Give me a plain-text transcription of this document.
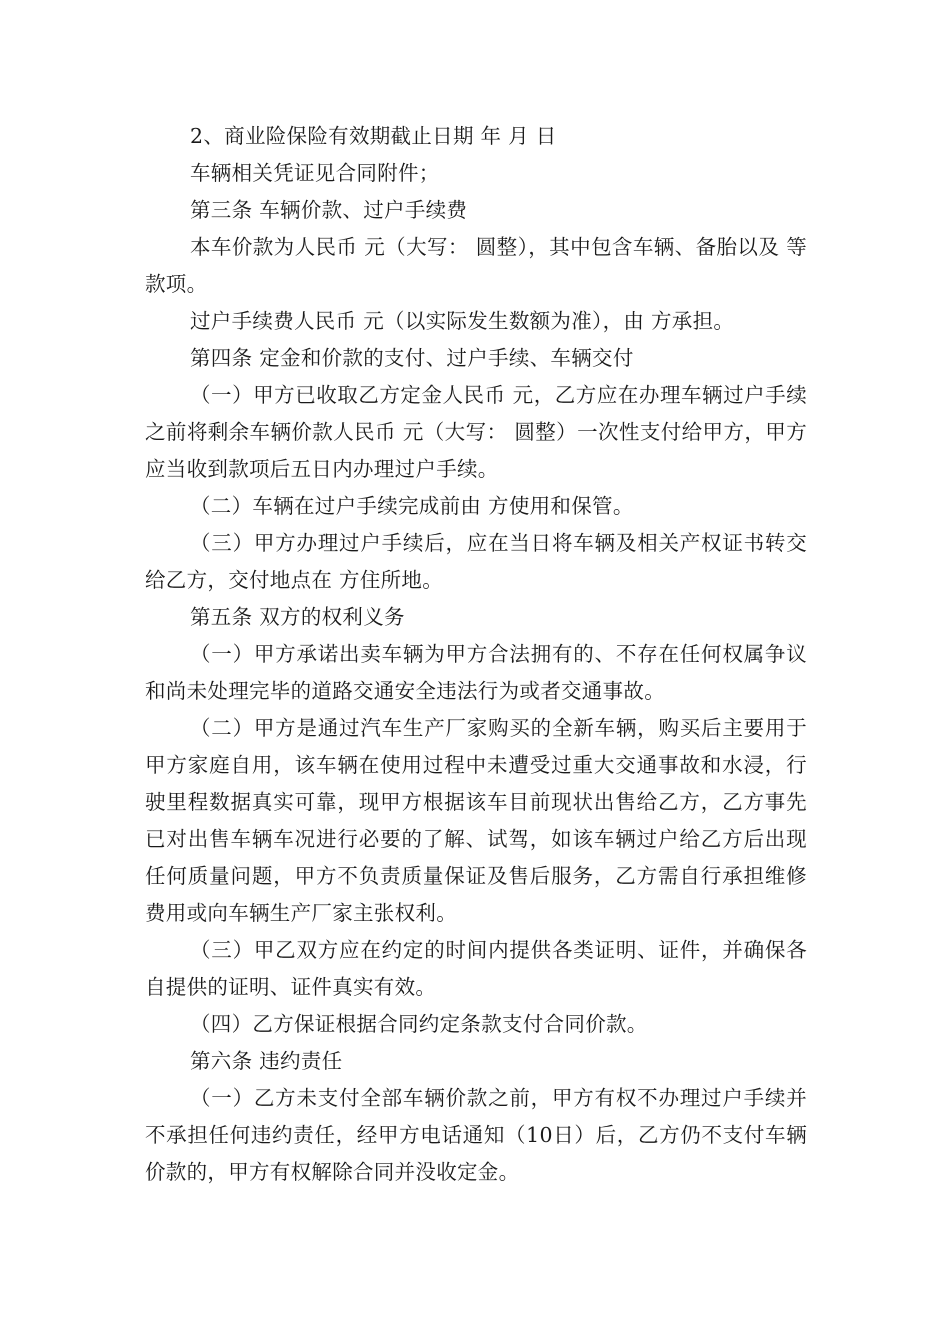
2、商业险保险有效期截止日期 年 月 日

车辆相关凭证见合同附件；

第三条 车辆价款、过户手续费

本车价款为人民币 元（大写： 圆整），其中包含车辆、备胎以及 等款项。

过户手续费人民币 元（以实际发生数额为准），由 方承担。

第四条 定金和价款的支付、过户手续、车辆交付

（一）甲方已收取乙方定金人民币 元，乙方应在办理车辆过户手续之前将剩余车辆价款人民币 元（大写： 圆整）一次性支付给甲方，甲方应当收到款项后五日内办理过户手续。

（二）车辆在过户手续完成前由 方使用和保管。

（三）甲方办理过户手续后，应在当日将车辆及相关产权证书转交给乙方，交付地点在 方住所地。

第五条 双方的权利义务

（一）甲方承诺出卖车辆为甲方合法拥有的、不存在任何权属争议和尚未处理完毕的道路交通安全违法行为或者交通事故。

（二）甲方是通过汽车生产厂家购买的全新车辆，购买后主要用于甲方家庭自用，该车辆在使用过程中未遭受过重大交通事故和水浸，行驶里程数据真实可靠，现甲方根据该车目前现状出售给乙方，乙方事先已对出售车辆车况进行必要的了解、试驾，如该车辆过户给乙方后出现任何质量问题，甲方不负责质量保证及售后服务，乙方需自行承担维修费用或向车辆生产厂家主张权利。

（三）甲乙双方应在约定的时间内提供各类证明、证件，并确保各自提供的证明、证件真实有效。

（四）乙方保证根据合同约定条款支付合同价款。

第六条 违约责任

（一）乙方未支付全部车辆价款之前，甲方有权不办理过户手续并不承担任何违约责任，经甲方电话通知（10日）后，乙方仍不支付车辆价款的，甲方有权解除合同并没收定金。
